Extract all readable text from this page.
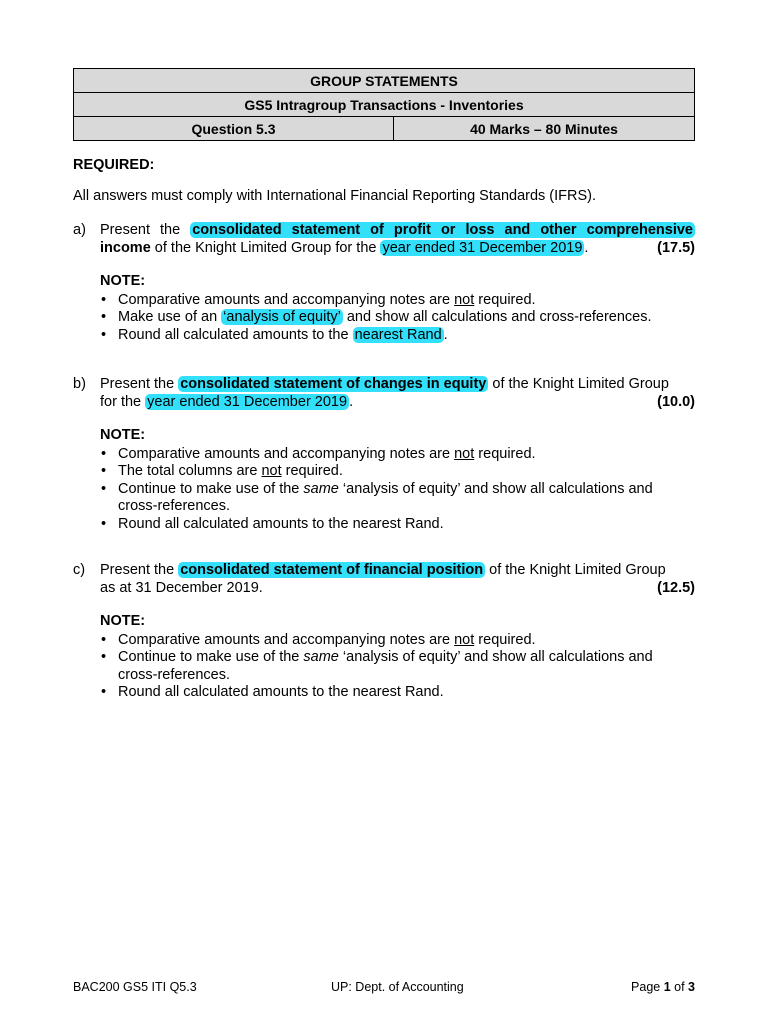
GROUP STATEMENTS
GS5 Intragroup Transactions - Inventories
Question 5.3	40 Marks – 80 Minutes
REQUIRED:
All answers must comply with International Financial Reporting Standards (IFRS).
a) Present the consolidated statement of profit or loss and other comprehensive
income of the Knight Limited Group for the year ended 31 December 2019 .	(17.5)
NOTE:
• Comparative amounts and accompanying notes are not required.
• Make use of an ‘analysis of equity’ and show all calculations and cross-references.
• Round all calculated amounts to the nearest Rand .
b) Present the consolidated statement of changes in equity of the Knight Limited Group
for the year ended 31 December 2019 .	(10.0)
NOTE:
• Comparative amounts and accompanying notes are not required.
• The total columns are not required.
• Continue to make use of the same ‘analysis of equity’ and show all calculations and
cross-references.
• Round all calculated amounts to the nearest Rand.
c) Present the consolidated statement of financial position of the Knight Limited Group
as at 31 December 2019.	(12.5)
NOTE:
• Comparative amounts and accompanying notes are not required.
• Continue to make use of the same ‘analysis of equity’ and show all calculations and
cross-references.
• Round all calculated amounts to the nearest Rand.
BAC200 GS5 ITI Q5.3	UP: Dept. of Accounting	Page 1 of 3
